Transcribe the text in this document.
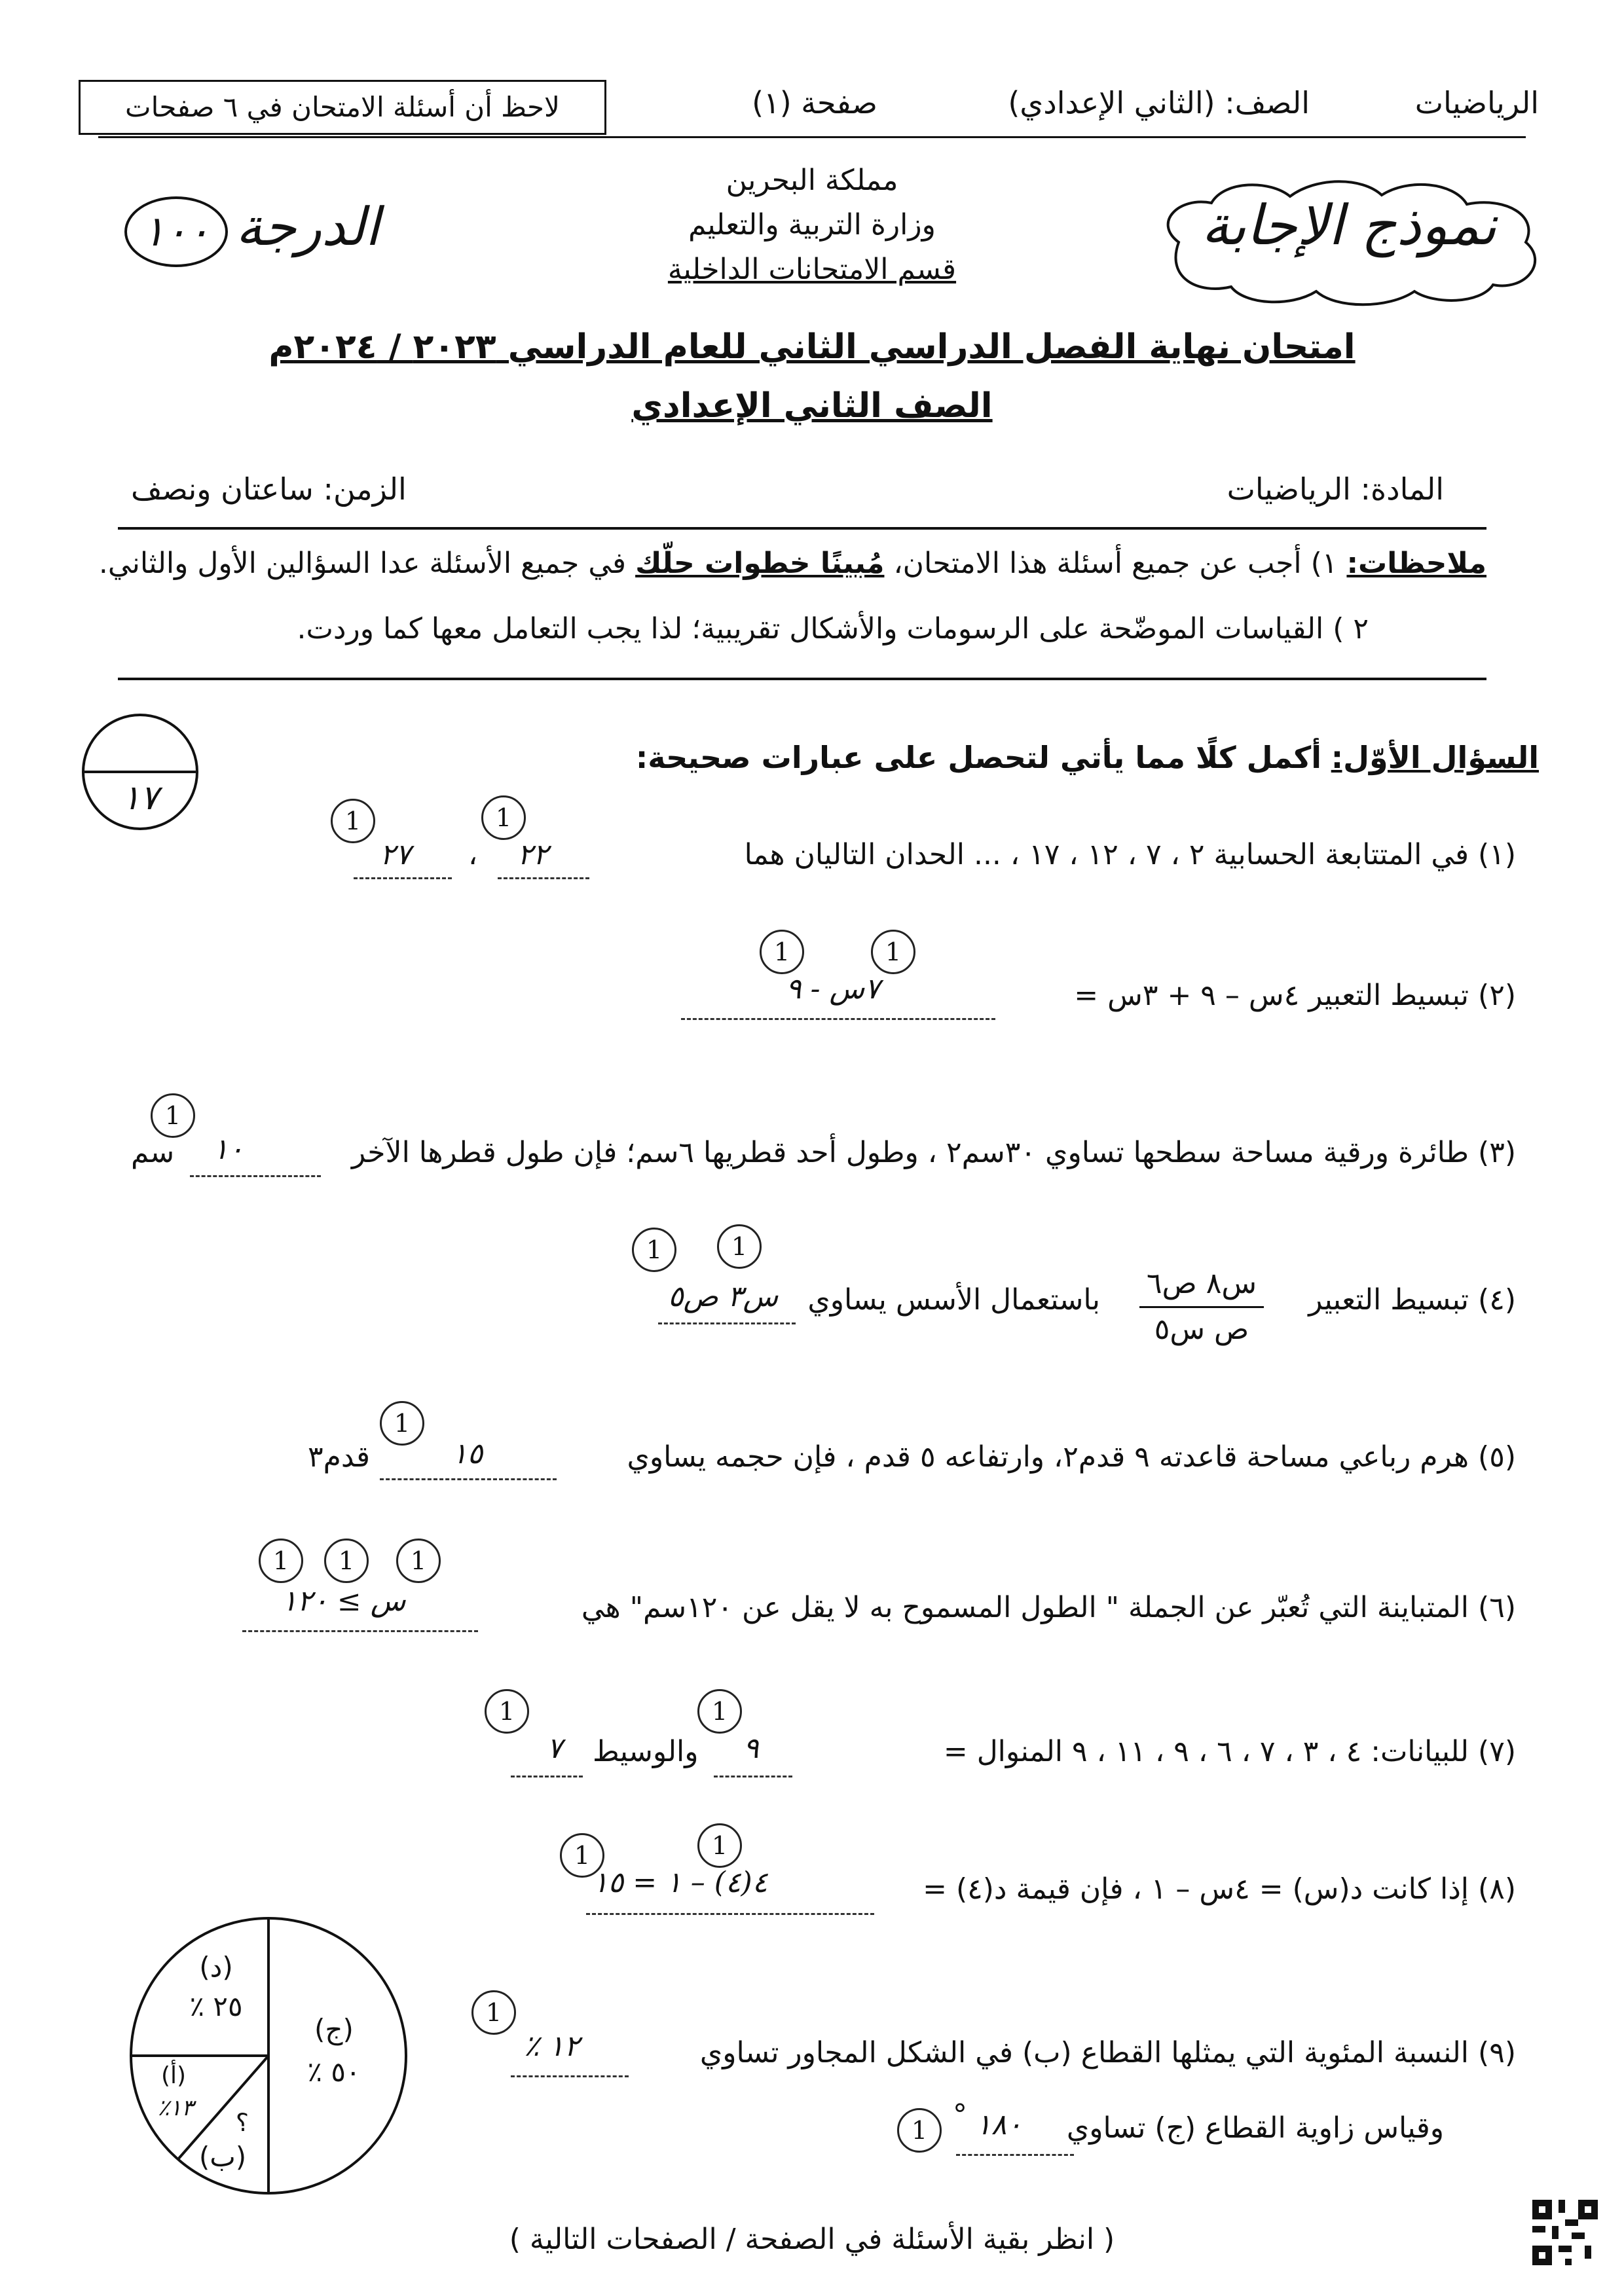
الرياضيات
الصف: (الثاني الإعدادي)
صفحة (١)
لاحظ أن أسئلة الامتحان في ٦ صفحات
مملكة البحرين
وزارة التربية والتعليم
قسم الامتحانات الداخلية
نموذج الإجابة
الدرجة
١٠٠
امتحان نهاية الفصل الدراسي الثاني للعام الدراسي ٢٠٢٣ / ٢٠٢٤م
الصف الثاني الإعدادي
المادة: الرياضيات
الزمن: ساعتان ونصف
ملاحظات: ١) أجب عن جميع أسئلة هذا الامتحان، مُبينًا خطوات حلّك في جميع الأسئلة عدا السؤالين الأول والثاني.
٢ ) القياسات الموضّحة على الرسومات والأشكال تقريبية؛ لذا يجب التعامل معها كما وردت.
السؤال الأوّل: أكمل كلًا مما يأتي لتحصل على عبارات صحيحة:
١٧
(١) في المتتابعة الحسابية ٢ ، ٧ ، ١٢ ، ١٧ ، ... الحدان التاليان هما
٢٢
،
٢٧
1	1
(٢) تبسيط التعبير ٤س – ٩ + ٣س =
٧س - ٩
1	1
(٣) طائرة ورقية مساحة سطحها تساوي ٣٠سم٢ ، وطول أحد قطريها ٦سم؛ فإن طول قطرها الآخر
سم ١٠
1
(٤) تبسيط التعبير
س٨ ص٦
ص س٥
باستعمال الأسس يساوي
س٣ ص٥
1	1
(٥) هرم رباعي مساحة قاعدته ٩ قدم٢، وارتفاعه ٥ قدم ، فإن حجمه يساوي
قدم٣	١٥
1
(٦) المتباينة التي تُعبّر عن الجملة " الطول المسموح به لا يقل عن ١٢٠سم" هي
س ≥ ١٢٠
1	1	1
(٧) للبيانات: ٤ ، ٣ ، ٧ ، ٦ ، ٩ ، ١١ ، ٩ المنوال =
٩
والوسيط
٧
1
1
(٨) إذا كانت د(س) = ٤س – ١ ، فإن قيمة د(٤) =
٤(٤) – ١ = ١٥
1	1
(٩) النسبة المئوية التي يمثلها القطاع (ب) في الشكل المجاور تساوي
١٢ ٪
1
وقياس زاوية القطاع (ج) تساوي
١٨٠
°
1
(د)
٢٥ ٪
(ج)
٥٠ ٪
(أ)
١٣٪	؟
(ب)
( انظر بقية الأسئلة في الصفحة / الصفحات التالية )
